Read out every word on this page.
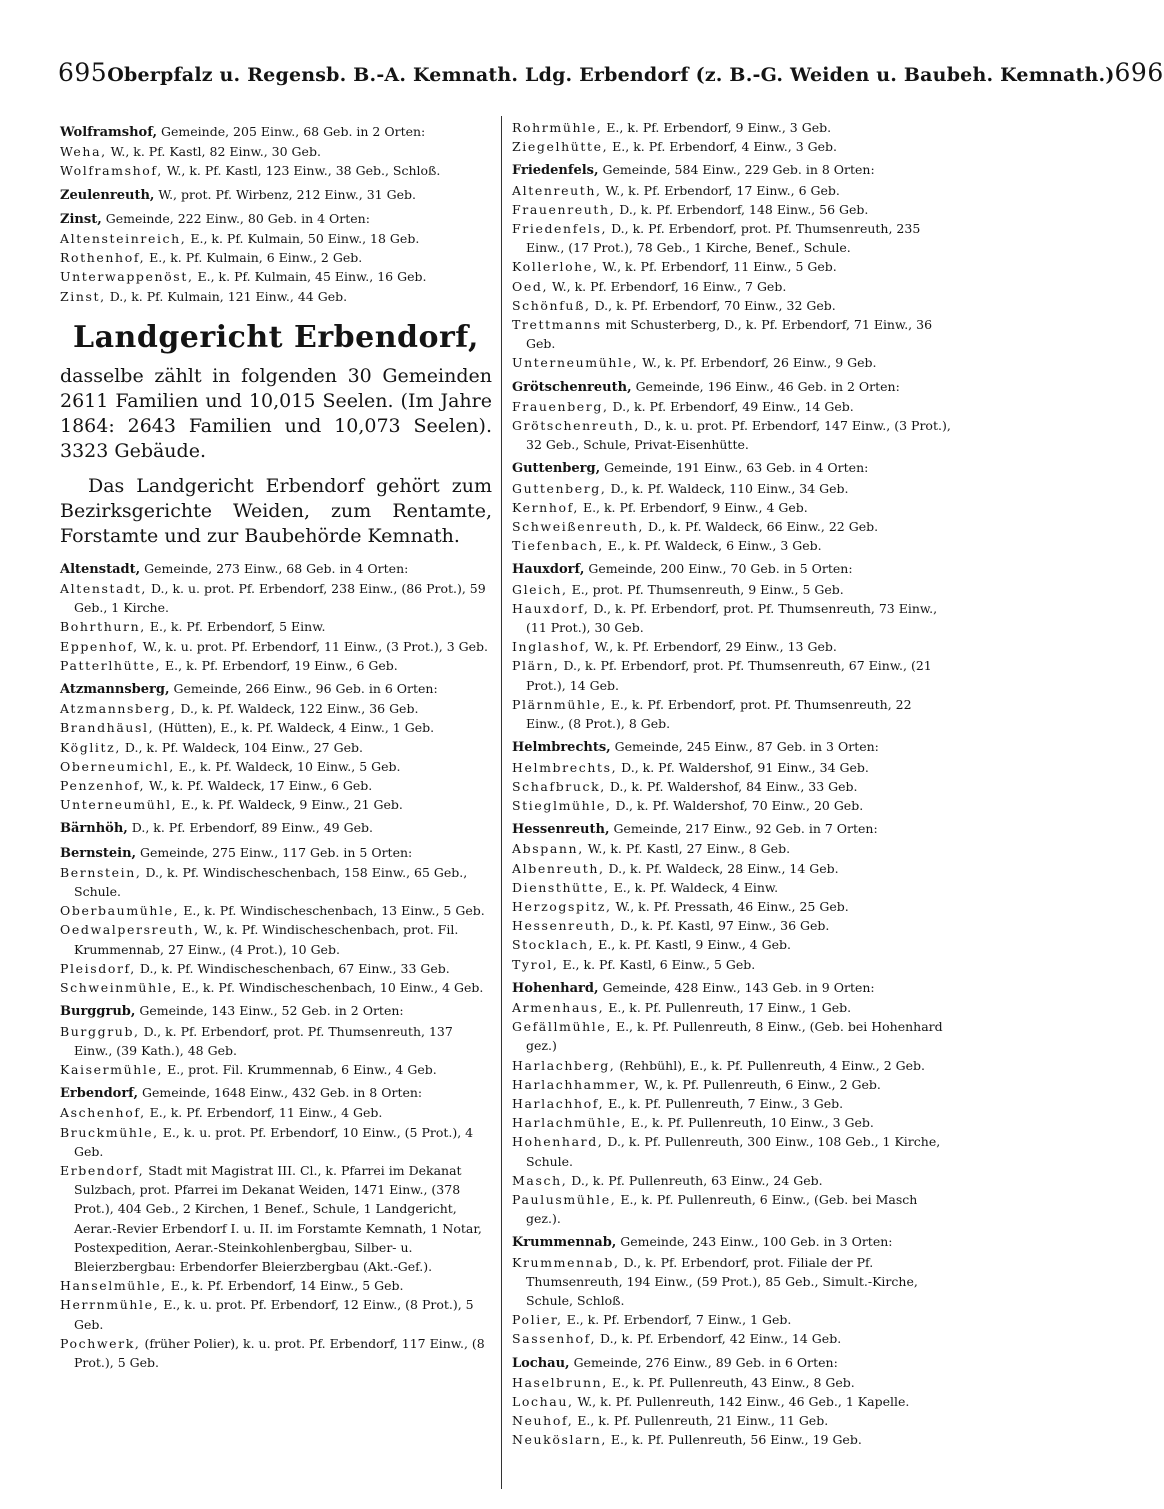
695 Oberpfalz u. Regensb. B.-A. Kemnath. Ldg. Erbendorf (z. B.-G. Weiden u. Baubeh. Kemnath.) 696

Wolframshof, Gemeinde, 205 Einw., 68 Geb. in 2 Orten:

Weha, W., k. Pf. Kastl, 82 Einw., 30 Geb.

Wolframshof, W., k. Pf. Kastl, 123 Einw., 38 Geb., Schloß.

Zeulenreuth, W., prot. Pf. Wirbenz, 212 Einw., 31 Geb.

Zinst, Gemeinde, 222 Einw., 80 Geb. in 4 Orten:

Altensteinreich, E., k. Pf. Kulmain, 50 Einw., 18 Geb.

Rothenhof, E., k. Pf. Kulmain, 6 Einw., 2 Geb.

Unterwappenöst, E., k. Pf. Kulmain, 45 Einw., 16 Geb.

Zinst, D., k. Pf. Kulmain, 121 Einw., 44 Geb.

Landgericht Erbendorf,

dasselbe zählt in folgenden 30 Gemeinden 2611 Familien und 10,015 Seelen. (Im Jahre 1864: 2643 Familien und 10,073 Seelen). 3323 Gebäude.

Das Landgericht Erbendorf gehört zum Bezirksgerichte Weiden, zum Rentamte, Forstamte und zur Baubehörde Kemnath.

Altenstadt, Gemeinde, 273 Einw., 68 Geb. in 4 Orten:

Altenstadt, D., k. u. prot. Pf. Erbendorf, 238 Einw., (86 Prot.), 59 Geb., 1 Kirche.

Bohrthurn, E., k. Pf. Erbendorf, 5 Einw.

Eppenhof, W., k. u. prot. Pf. Erbendorf, 11 Einw., (3 Prot.), 3 Geb.

Patterlhütte, E., k. Pf. Erbendorf, 19 Einw., 6 Geb.

Atzmannsberg, Gemeinde, 266 Einw., 96 Geb. in 6 Orten:

Atzmannsberg, D., k. Pf. Waldeck, 122 Einw., 36 Geb.

Brandhäusl, (Hütten), E., k. Pf. Waldeck, 4 Einw., 1 Geb.

Köglitz, D., k. Pf. Waldeck, 104 Einw., 27 Geb.

Oberneumichl, E., k. Pf. Waldeck, 10 Einw., 5 Geb.

Penzenhof, W., k. Pf. Waldeck, 17 Einw., 6 Geb.

Unterneumühl, E., k. Pf. Waldeck, 9 Einw., 21 Geb.

Bärnhöh, D., k. Pf. Erbendorf, 89 Einw., 49 Geb.

Bernstein, Gemeinde, 275 Einw., 117 Geb. in 5 Orten:

Bernstein, D., k. Pf. Windischeschenbach, 158 Einw., 65 Geb., Schule.

Oberbaumühle, E., k. Pf. Windischeschenbach, 13 Einw., 5 Geb.

Oedwalpersreuth, W., k. Pf. Windischeschenbach, prot. Fil. Krummennab, 27 Einw., (4 Prot.), 10 Geb.

Pleisdorf, D., k. Pf. Windischeschenbach, 67 Einw., 33 Geb.

Schweinmühle, E., k. Pf. Windischeschenbach, 10 Einw., 4 Geb.

Burggrub, Gemeinde, 143 Einw., 52 Geb. in 2 Orten:

Burggrub, D., k. Pf. Erbendorf, prot. Pf. Thumsenreuth, 137 Einw., (39 Kath.), 48 Geb.

Kaisermühle, E., prot. Fil. Krummennab, 6 Einw., 4 Geb.

Erbendorf, Gemeinde, 1648 Einw., 432 Geb. in 8 Orten:

Aschenhof, E., k. Pf. Erbendorf, 11 Einw., 4 Geb.

Bruckmühle, E., k. u. prot. Pf. Erbendorf, 10 Einw., (5 Prot.), 4 Geb.

Erbendorf, Stadt mit Magistrat III. Cl., k. Pfarrei im Dekanat Sulzbach, prot. Pfarrei im Dekanat Weiden, 1471 Einw., (378 Prot.), 404 Geb., 2 Kirchen, 1 Benef., Schule, 1 Landgericht, Aerar.-Revier Erbendorf I. u. II. im Forstamte Kemnath, 1 Notar, Postexpedition, Aerar.-Steinkohlenbergbau, Silber- u. Bleierzbergbau: Erbendorfer Bleierzbergbau (Akt.-Gef.).

Hanselmühle, E., k. Pf. Erbendorf, 14 Einw., 5 Geb.

Herrnmühle, E., k. u. prot. Pf. Erbendorf, 12 Einw., (8 Prot.), 5 Geb.

Pochwerk, (früher Polier), k. u. prot. Pf. Erbendorf, 117 Einw., (8 Prot.), 5 Geb.

Rohrmühle, E., k. Pf. Erbendorf, 9 Einw., 3 Geb.

Ziegelhütte, E., k. Pf. Erbendorf, 4 Einw., 3 Geb.

Friedenfels, Gemeinde, 584 Einw., 229 Geb. in 8 Orten:

Altenreuth, W., k. Pf. Erbendorf, 17 Einw., 6 Geb.

Frauenreuth, D., k. Pf. Erbendorf, 148 Einw., 56 Geb.

Friedenfels, D., k. Pf. Erbendorf, prot. Pf. Thumsenreuth, 235 Einw., (17 Prot.), 78 Geb., 1 Kirche, Benef., Schule.

Kollerlohe, W., k. Pf. Erbendorf, 11 Einw., 5 Geb.

Oed, W., k. Pf. Erbendorf, 16 Einw., 7 Geb.

Schönfuß, D., k. Pf. Erbendorf, 70 Einw., 32 Geb.

Trettmanns mit Schusterberg, D., k. Pf. Erbendorf, 71 Einw., 36 Geb.

Unterneumühle, W., k. Pf. Erbendorf, 26 Einw., 9 Geb.

Grötschenreuth, Gemeinde, 196 Einw., 46 Geb. in 2 Orten:

Frauenberg, D., k. Pf. Erbendorf, 49 Einw., 14 Geb.

Grötschenreuth, D., k. u. prot. Pf. Erbendorf, 147 Einw., (3 Prot.), 32 Geb., Schule, Privat-Eisenhütte.

Guttenberg, Gemeinde, 191 Einw., 63 Geb. in 4 Orten:

Guttenberg, D., k. Pf. Waldeck, 110 Einw., 34 Geb.

Kernhof, E., k. Pf. Erbendorf, 9 Einw., 4 Geb.

Schweißenreuth, D., k. Pf. Waldeck, 66 Einw., 22 Geb.

Tiefenbach, E., k. Pf. Waldeck, 6 Einw., 3 Geb.

Hauxdorf, Gemeinde, 200 Einw., 70 Geb. in 5 Orten:

Gleich, E., prot. Pf. Thumsenreuth, 9 Einw., 5 Geb.

Hauxdorf, D., k. Pf. Erbendorf, prot. Pf. Thumsenreuth, 73 Einw., (11 Prot.), 30 Geb.

Inglashof, W., k. Pf. Erbendorf, 29 Einw., 13 Geb.

Plärn, D., k. Pf. Erbendorf, prot. Pf. Thumsenreuth, 67 Einw., (21 Prot.), 14 Geb.

Plärnmühle, E., k. Pf. Erbendorf, prot. Pf. Thumsenreuth, 22 Einw., (8 Prot.), 8 Geb.

Helmbrechts, Gemeinde, 245 Einw., 87 Geb. in 3 Orten:

Helmbrechts, D., k. Pf. Waldershof, 91 Einw., 34 Geb.

Schafbruck, D., k. Pf. Waldershof, 84 Einw., 33 Geb.

Stieglmühle, D., k. Pf. Waldershof, 70 Einw., 20 Geb.

Hessenreuth, Gemeinde, 217 Einw., 92 Geb. in 7 Orten:

Abspann, W., k. Pf. Kastl, 27 Einw., 8 Geb.

Albenreuth, D., k. Pf. Waldeck, 28 Einw., 14 Geb.

Diensthütte, E., k. Pf. Waldeck, 4 Einw.

Herzogspitz, W., k. Pf. Pressath, 46 Einw., 25 Geb.

Hessenreuth, D., k. Pf. Kastl, 97 Einw., 36 Geb.

Stocklach, E., k. Pf. Kastl, 9 Einw., 4 Geb.

Tyrol, E., k. Pf. Kastl, 6 Einw., 5 Geb.

Hohenhard, Gemeinde, 428 Einw., 143 Geb. in 9 Orten:

Armenhaus, E., k. Pf. Pullenreuth, 17 Einw., 1 Geb.

Gefällmühle, E., k. Pf. Pullenreuth, 8 Einw., (Geb. bei Hohenhard gez.)

Harlachberg, (Rehbühl), E., k. Pf. Pullenreuth, 4 Einw., 2 Geb.

Harlachhammer, W., k. Pf. Pullenreuth, 6 Einw., 2 Geb.

Harlachhof, E., k. Pf. Pullenreuth, 7 Einw., 3 Geb.

Harlachmühle, E., k. Pf. Pullenreuth, 10 Einw., 3 Geb.

Hohenhard, D., k. Pf. Pullenreuth, 300 Einw., 108 Geb., 1 Kirche, Schule.

Masch, D., k. Pf. Pullenreuth, 63 Einw., 24 Geb.

Paulusmühle, E., k. Pf. Pullenreuth, 6 Einw., (Geb. bei Masch gez.).

Krummennab, Gemeinde, 243 Einw., 100 Geb. in 3 Orten:

Krummennab, D., k. Pf. Erbendorf, prot. Filiale der Pf. Thumsenreuth, 194 Einw., (59 Prot.), 85 Geb., Simult.-Kirche, Schule, Schloß.

Polier, E., k. Pf. Erbendorf, 7 Einw., 1 Geb.

Sassenhof, D., k. Pf. Erbendorf, 42 Einw., 14 Geb.

Lochau, Gemeinde, 276 Einw., 89 Geb. in 6 Orten:

Haselbrunn, E., k. Pf. Pullenreuth, 43 Einw., 8 Geb.

Lochau, W., k. Pf. Pullenreuth, 142 Einw., 46 Geb., 1 Kapelle.

Neuhof, E., k. Pf. Pullenreuth, 21 Einw., 11 Geb.

Neuköslarn, E., k. Pf. Pullenreuth, 56 Einw., 19 Geb.
